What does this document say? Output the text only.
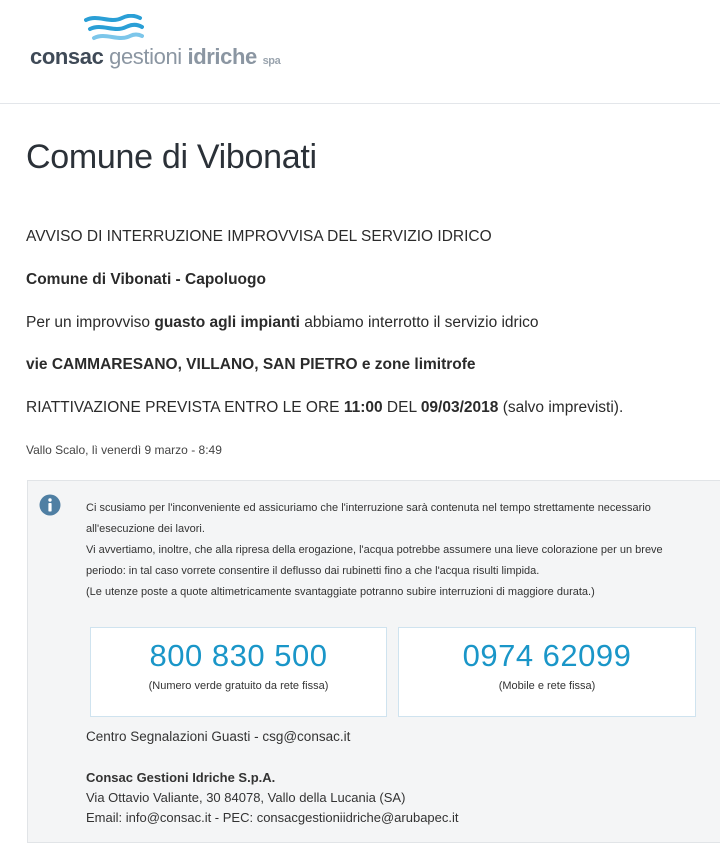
consac gestioni idriche spa
Comune di Vibonati
AVVISO DI INTERRUZIONE IMPROVVISA DEL SERVIZIO IDRICO
Comune di Vibonati - Capoluogo
Per un improvviso guasto agli impianti abbiamo interrotto il servizio idrico
vie CAMMARESANO, VILLANO, SAN PIETRO e zone limitrofe
RIATTIVAZIONE PREVISTA ENTRO LE ORE 11:00 DEL 09/03/2018 (salvo imprevisti).
Vallo Scalo, lì venerdì 9 marzo - 8:49
Ci scusiamo per l'inconveniente ed assicuriamo che l'interruzione sarà contenuta nel tempo strettamente necessario
all'esecuzione dei lavori.
Vi avvertiamo, inoltre, che alla ripresa della erogazione, l'acqua potrebbe assumere una lieve colorazione per un breve
periodo: in tal caso vorrete consentire il deflusso dai rubinetti fino a che l'acqua risulti limpida.
(Le utenze poste a quote altimetricamente svantaggiate potranno subire interruzioni di maggiore durata.)
800 830 500
(Numero verde gratuito da rete fissa)
0974 62099
(Mobile e rete fissa)
Centro Segnalazioni Guasti - csg@consac.it
Consac Gestioni Idriche S.p.A.
Via Ottavio Valiante, 30 84078, Vallo della Lucania (SA)
Email: info@consac.it - PEC: consacgestioniidriche@arubapec.it
